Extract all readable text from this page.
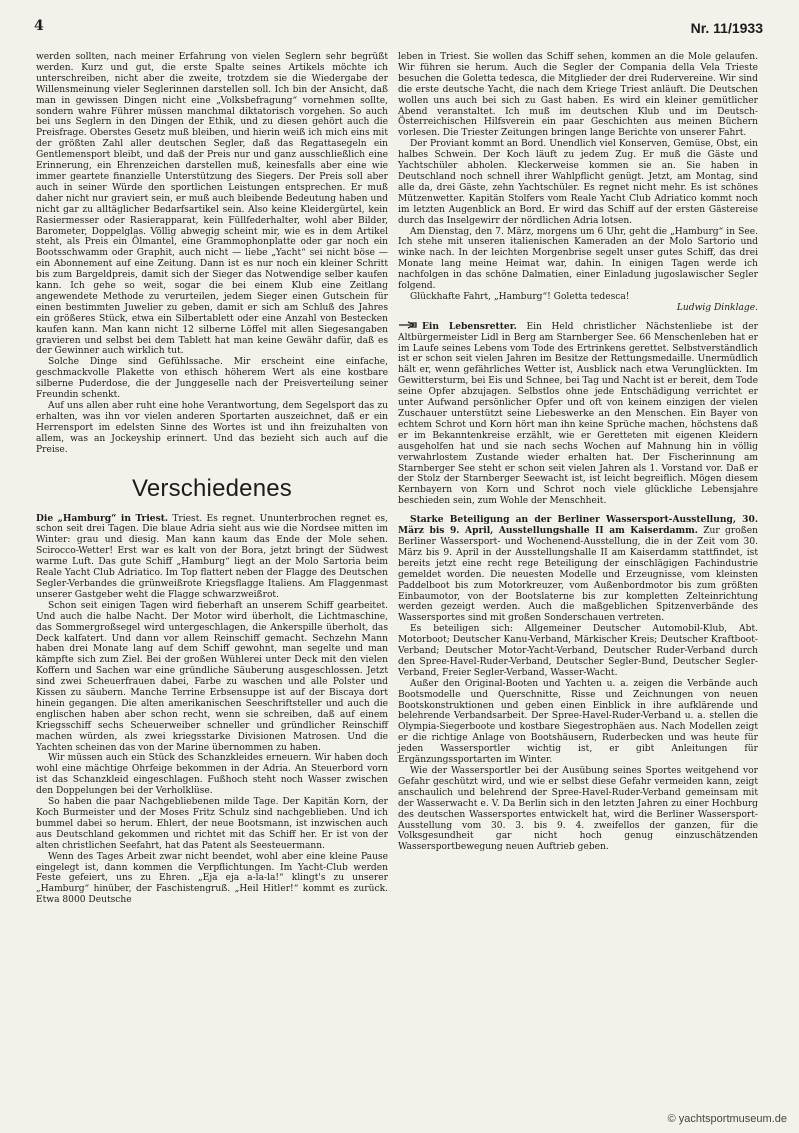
4	Nr. 11/1933

werden sollten, nach meiner Erfahrung von vielen Seglern sehr begrüßt werden. Kurz und gut, die erste Spalte seines Artikels möchte ich unterschreiben, nicht aber die zweite, trotzdem sie die Wiedergabe der Willensmeinung vieler Seglerinnen darstellen soll. Ich bin der Ansicht, daß man in gewissen Dingen nicht eine „Volksbefragung“ vornehmen sollte, sondern wahre Führer müssen manchmal diktatorisch vorgehen. So auch bei uns Seglern in den Dingen der Ethik, und zu diesen gehört auch die Preisfrage. Oberstes Gesetz muß bleiben, und hierin weiß ich mich eins mit der größten Zahl aller deutschen Segler, daß das Regattasegeln ein Gentlemensport bleibt, und daß der Preis nur und ganz ausschließlich eine Erinnerung, ein Ehrenzeichen darstellen muß, keinesfalls aber eine wie immer geartete finanzielle Unterstützung des Siegers. Der Preis soll aber auch in seiner Würde den sportlichen Leistungen entsprechen. Er muß daher nicht nur graviert sein, er muß auch bleibende Bedeutung haben und nicht gar zu alltäglicher Bedarfsartikel sein. Also keine Kleidergürtel, kein Rasiermesser oder Rasierapparat, kein Füllfederhalter, wohl aber Bilder, Barometer, Doppelglas. Völlig abwegig scheint mir, wie es in dem Artikel steht, als Preis ein Ölmantel, eine Grammophonplatte oder gar noch ein Bootsschwamm oder Graphit, auch nicht — liebe „Yacht“ sei nicht böse — ein Abonnement auf eine Zeitung. Dann ist es nur noch ein kleiner Schritt bis zum Bargeldpreis, damit sich der Sieger das Notwendige selber kaufen kann. Ich gehe so weit, sogar die bei einem Klub eine Zeitlang angewendete Methode zu verurteilen, jedem Sieger einen Gutschein für einen bestimmten Juwelier zu geben, damit er sich am Schluß des Jahres ein größeres Stück, etwa ein Silbertablett oder eine Anzahl von Bestecken kaufen kann. Man kann nicht 12 silberne Löffel mit allen Siegesangaben gravieren und selbst bei dem Tablett hat man keine Gewähr dafür, daß es der Gewinner auch wirklich tut.

Solche Dinge sind Gefühlssache. Mir erscheint eine einfache, geschmackvolle Plakette von ethisch höherem Wert als eine kostbare silberne Puderdose, die der Junggeselle nach der Preisverteilung seiner Freundin schenkt.

Auf uns allen aber ruht eine hohe Verantwortung, dem Segelsport das zu erhalten, was ihn vor vielen anderen Sportarten auszeichnet, daß er ein Herrensport im edelsten Sinne des Wortes ist und ihn freizuhalten von allem, was an Jockeyship erinnert. Und das bezieht sich auch auf die Preise.

Verschiedenes

Die „Hamburg“ in Triest. Triest. Es regnet. Ununterbrochen regnet es, schon seit drei Tagen. Die blaue Adria sieht aus wie die Nordsee mitten im Winter: grau und diesig. Man kann kaum das Ende der Mole sehen. Scirocco-Wetter! Erst war es kalt von der Bora, jetzt bringt der Südwest warme Luft. Das gute Schiff „Hamburg“ liegt an der Molo Sartoria beim Reale Yacht Club Adriatico. Im Top flattert neben der Flagge des Deutschen Segler-Verbandes die grünweißrote Kriegsflagge Italiens. Am Flaggenmast unserer Gastgeber weht die Flagge schwarzweißrot.

Schon seit einigen Tagen wird fieberhaft an unserem Schiff gearbeitet. Und auch die halbe Nacht. Der Motor wird überholt, die Lichtmaschine, das Sommergroßsegel wird untergeschlagen, die Ankerspille überholt, das Deck kalfatert. Und dann vor allem Reinschiff gemacht. Sechzehn Mann haben drei Monate lang auf dem Schiff gewohnt, man segelte und man kämpfte sich zum Ziel. Bei der großen Wühlerei unter Deck mit den vielen Koffern und Sachen war eine gründliche Säuberung ausgeschlossen. Jetzt sind zwei Scheuerfrauen dabei, Farbe zu waschen und alle Polster und Kissen zu säubern. Manche Terrine Erbsensuppe ist auf der Biscaya dort hinein gegangen. Die alten amerikanischen Seeschriftsteller und auch die englischen haben aber schon recht, wenn sie schreiben, daß auf einem Kriegsschiff sechs Scheuerweiber schneller und gründlicher Reinschiff machen würden, als zwei kriegsstarke Divisionen Matrosen. Und die Yachten scheinen das von der Marine übernommen zu haben.

Wir müssen auch ein Stück des Schanzkleides erneuern. Wir haben doch wohl eine mächtige Ohrfeige bekommen in der Adria. An Steuerbord vorn ist das Schanzkleid eingeschlagen. Fußhoch steht noch Wasser zwischen den Doppelungen bei der Verholklüse.

So haben die paar Nachgebliebenen milde Tage. Der Kapitän Korn, der Koch Burmeister und der Moses Fritz Schulz sind nachgeblieben. Und ich bummel dabei so herum. Ehlert, der neue Bootsmann, ist inzwischen auch aus Deutschland gekommen und richtet mit das Schiff her. Er ist von der alten christlichen Seefahrt, hat das Patent als Seesteuermann.

Wenn des Tages Arbeit zwar nicht beendet, wohl aber eine kleine Pause eingelegt ist, dann kommen die Verpflichtungen. Im Yacht-Club werden Feste gefeiert, uns zu Ehren. „Eja eja a-la-la!“ klingt's zu unserer „Hamburg“ hinüber, der Faschistengruß. „Heil Hitler!“ kommt es zurück. Etwa 8000 Deutsche

leben in Triest. Sie wollen das Schiff sehen, kommen an die Mole gelaufen. Wir führen sie herum. Auch die Segler der Compania della Vela Trieste besuchen die Goletta tedesca, die Mitglieder der drei Rudervereine. Wir sind die erste deutsche Yacht, die nach dem Kriege Triest anläuft. Die Deutschen wollen uns auch bei sich zu Gast haben. Es wird ein kleiner gemütlicher Abend veranstaltet. Ich muß im deutschen Klub und im Deutsch-Österreichischen Hilfsverein ein paar Geschichten aus meinen Büchern vorlesen. Die Triester Zeitungen bringen lange Berichte von unserer Fahrt.

Der Proviant kommt an Bord. Unendlich viel Konserven, Gemüse, Obst, ein halbes Schwein. Der Koch läuft zu jedem Zug. Er muß die Gäste und Yachtschüler abholen. Kleckerweise kommen sie an. Sie haben in Deutschland noch schnell ihrer Wahlpflicht genügt. Jetzt, am Montag, sind alle da, drei Gäste, zehn Yachtschüler. Es regnet nicht mehr. Es ist schönes Mützenwetter. Kapitän Stolfers vom Reale Yacht Club Adriatico kommt noch im letzten Augenblick an Bord. Er wird das Schiff auf der ersten Gästereise durch das Inselgewirr der nördlichen Adria lotsen.

Am Dienstag, den 7. März, morgens um 6 Uhr, geht die „Hamburg“ in See. Ich stehe mit unseren italienischen Kameraden an der Molo Sartorio und winke nach. In der leichten Morgenbrise segelt unser gutes Schiff, das drei Monate lang meine Heimat war, dahin. In einigen Tagen werde ich nachfolgen in das schöne Dalmatien, einer Einladung jugoslawischer Segler folgend.

Glückhafte Fahrt, „Hamburg“! Goletta tedesca!

Ludwig Dinklage.

Ein Lebensretter. Ein Held christlicher Nächstenliebe ist der Altbürgermeister Lidl in Berg am Starnberger See. 66 Menschenleben hat er im Laufe seines Lebens vom Tode des Ertrinkens gerettet. Selbstverständlich ist er schon seit vielen Jahren im Besitze der Rettungsmedaille. Unermüdlich hält er, wenn gefährliches Wetter ist, Ausblick nach etwa Verunglückten. Im Gewittersturm, bei Eis und Schnee, bei Tag und Nacht ist er bereit, dem Tode seine Opfer abzujagen. Selbstlos ohne jede Entschädigung verrichtet er unter Aufwand persönlicher Opfer und oft von keinem einzigen der vielen Zuschauer unterstützt seine Liebeswerke an den Menschen. Ein Bayer von echtem Schrot und Korn hört man ihn keine Sprüche machen, höchstens daß er im Bekanntenkreise erzählt, wie er Geretteten mit eigenen Kleidern ausgeholfen hat und sie nach sechs Wochen auf Mahnung hin in völlig verwahrlostem Zustande wieder erhalten hat. Der Fischerinnung am Starnberger See steht er schon seit vielen Jahren als 1. Vorstand vor. Daß er der Stolz der Starnberger Seewacht ist, ist leicht begreiflich. Mögen diesem Kernbayern von Korn und Schrot noch viele glückliche Lebensjahre beschieden sein, zum Wohle der Menschheit.

Starke Beteiligung an der Berliner Wassersport-Ausstellung, 30. März bis 9. April, Ausstellungshalle II am Kaiserdamm. Zur großen Berliner Wassersport- und Wochenend-Ausstellung, die in der Zeit vom 30. März bis 9. April in der Ausstellungshalle II am Kaiserdamm stattfindet, ist bereits jetzt eine recht rege Beteiligung der einschlägigen Fachindustrie gemeldet worden. Die neuesten Modelle und Erzeugnisse, vom kleinsten Paddelboot bis zum Motorkreuzer, vom Außenbordmotor bis zum größten Einbaumotor, von der Bootslaterne bis zur kompletten Zelteinrichtung werden gezeigt werden. Auch die maßgeblichen Spitzenverbände des Wassersportes sind mit großen Sonderschauen vertreten.

Es beteiligen sich: Allgemeiner Deutscher Automobil-Klub, Abt. Motorboot; Deutscher Kanu-Verband, Märkischer Kreis; Deutscher Kraftboot-Verband; Deutscher Motor-Yacht-Verband, Deutscher Ruder-Verband durch den Spree-Havel-Ruder-Verband, Deutscher Segler-Bund, Deutscher Segler-Verband, Freier Segler-Verband, Wasser-Wacht.

Außer den Original-Booten und Yachten u. a. zeigen die Verbände auch Bootsmodelle und Querschnitte, Risse und Zeichnungen von neuen Bootskonstruktionen und geben einen Einblick in ihre aufklärende und belehrende Verbandsarbeit. Der Spree-Havel-Ruder-Verband u. a. stellen die Olympia-Siegerboote und kostbare Siegestrophäen aus. Nach Modellen zeigt er die richtige Anlage von Bootshäusern, Ruderbecken und was heute für jeden Wassersportler wichtig ist, er gibt Anleitungen für Ergänzungssportarten im Winter.

Wie der Wassersportler bei der Ausübung seines Sportes weitgehend vor Gefahr geschützt wird, und wie er selbst diese Gefahr vermeiden kann, zeigt anschaulich und belehrend der Spree-Havel-Ruder-Verband gemeinsam mit der Wasserwacht e. V. Da Berlin sich in den letzten Jahren zu einer Hochburg des deutschen Wassersportes entwickelt hat, wird die Berliner Wassersport-Ausstellung vom 30. 3. bis 9. 4. zweifellos der ganzen, für die Volksgesundheit gar nicht hoch genug einzuschätzenden Wassersportbewegung neuen Auftrieb geben.

© yachtsportmuseum.de
